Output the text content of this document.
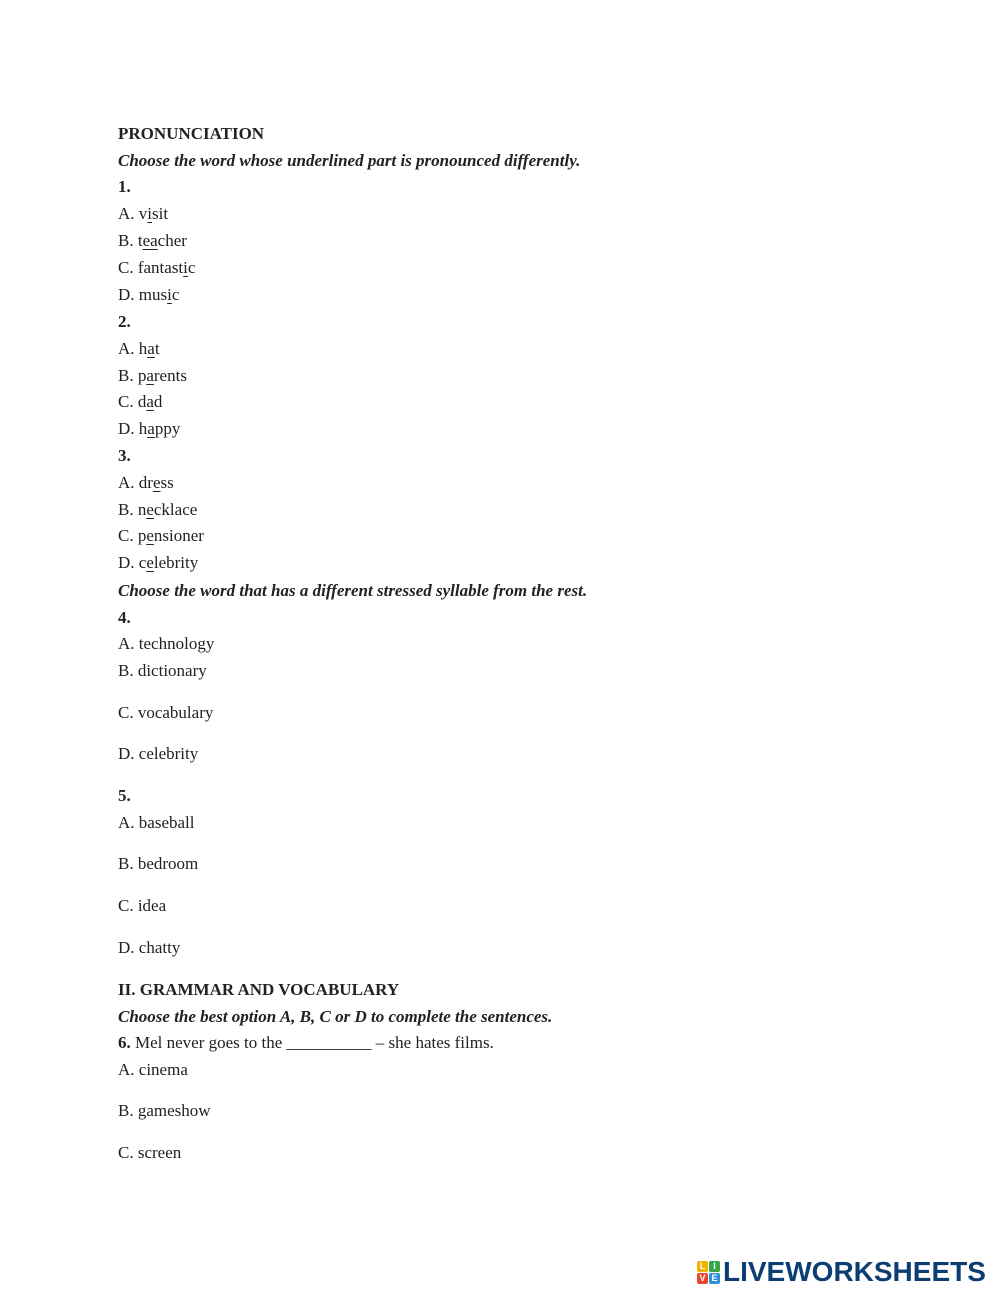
PRONUNCIATION
Choose the word whose underlined part is pronounced differently.
1.
A. visit
B. teacher
C. fantastic
D. music
2.
A. hat
B. parents
C. dad
D. happy
3.
A. dress
B. necklace
C. pensioner
D. celebrity
Choose the word that has a different stressed syllable from the rest.
4.
A. technology
B. dictionary
C. vocabulary
D. celebrity
5.
A. baseball
B. bedroom
C. idea
D. chatty
II. GRAMMAR AND VOCABULARY
Choose the best option A, B, C or D to complete the sentences.
6. Mel never goes to the __________ – she hates films.
A. cinema
B. gameshow
C. screen
L I
V E LIVEWORKSHEETS
